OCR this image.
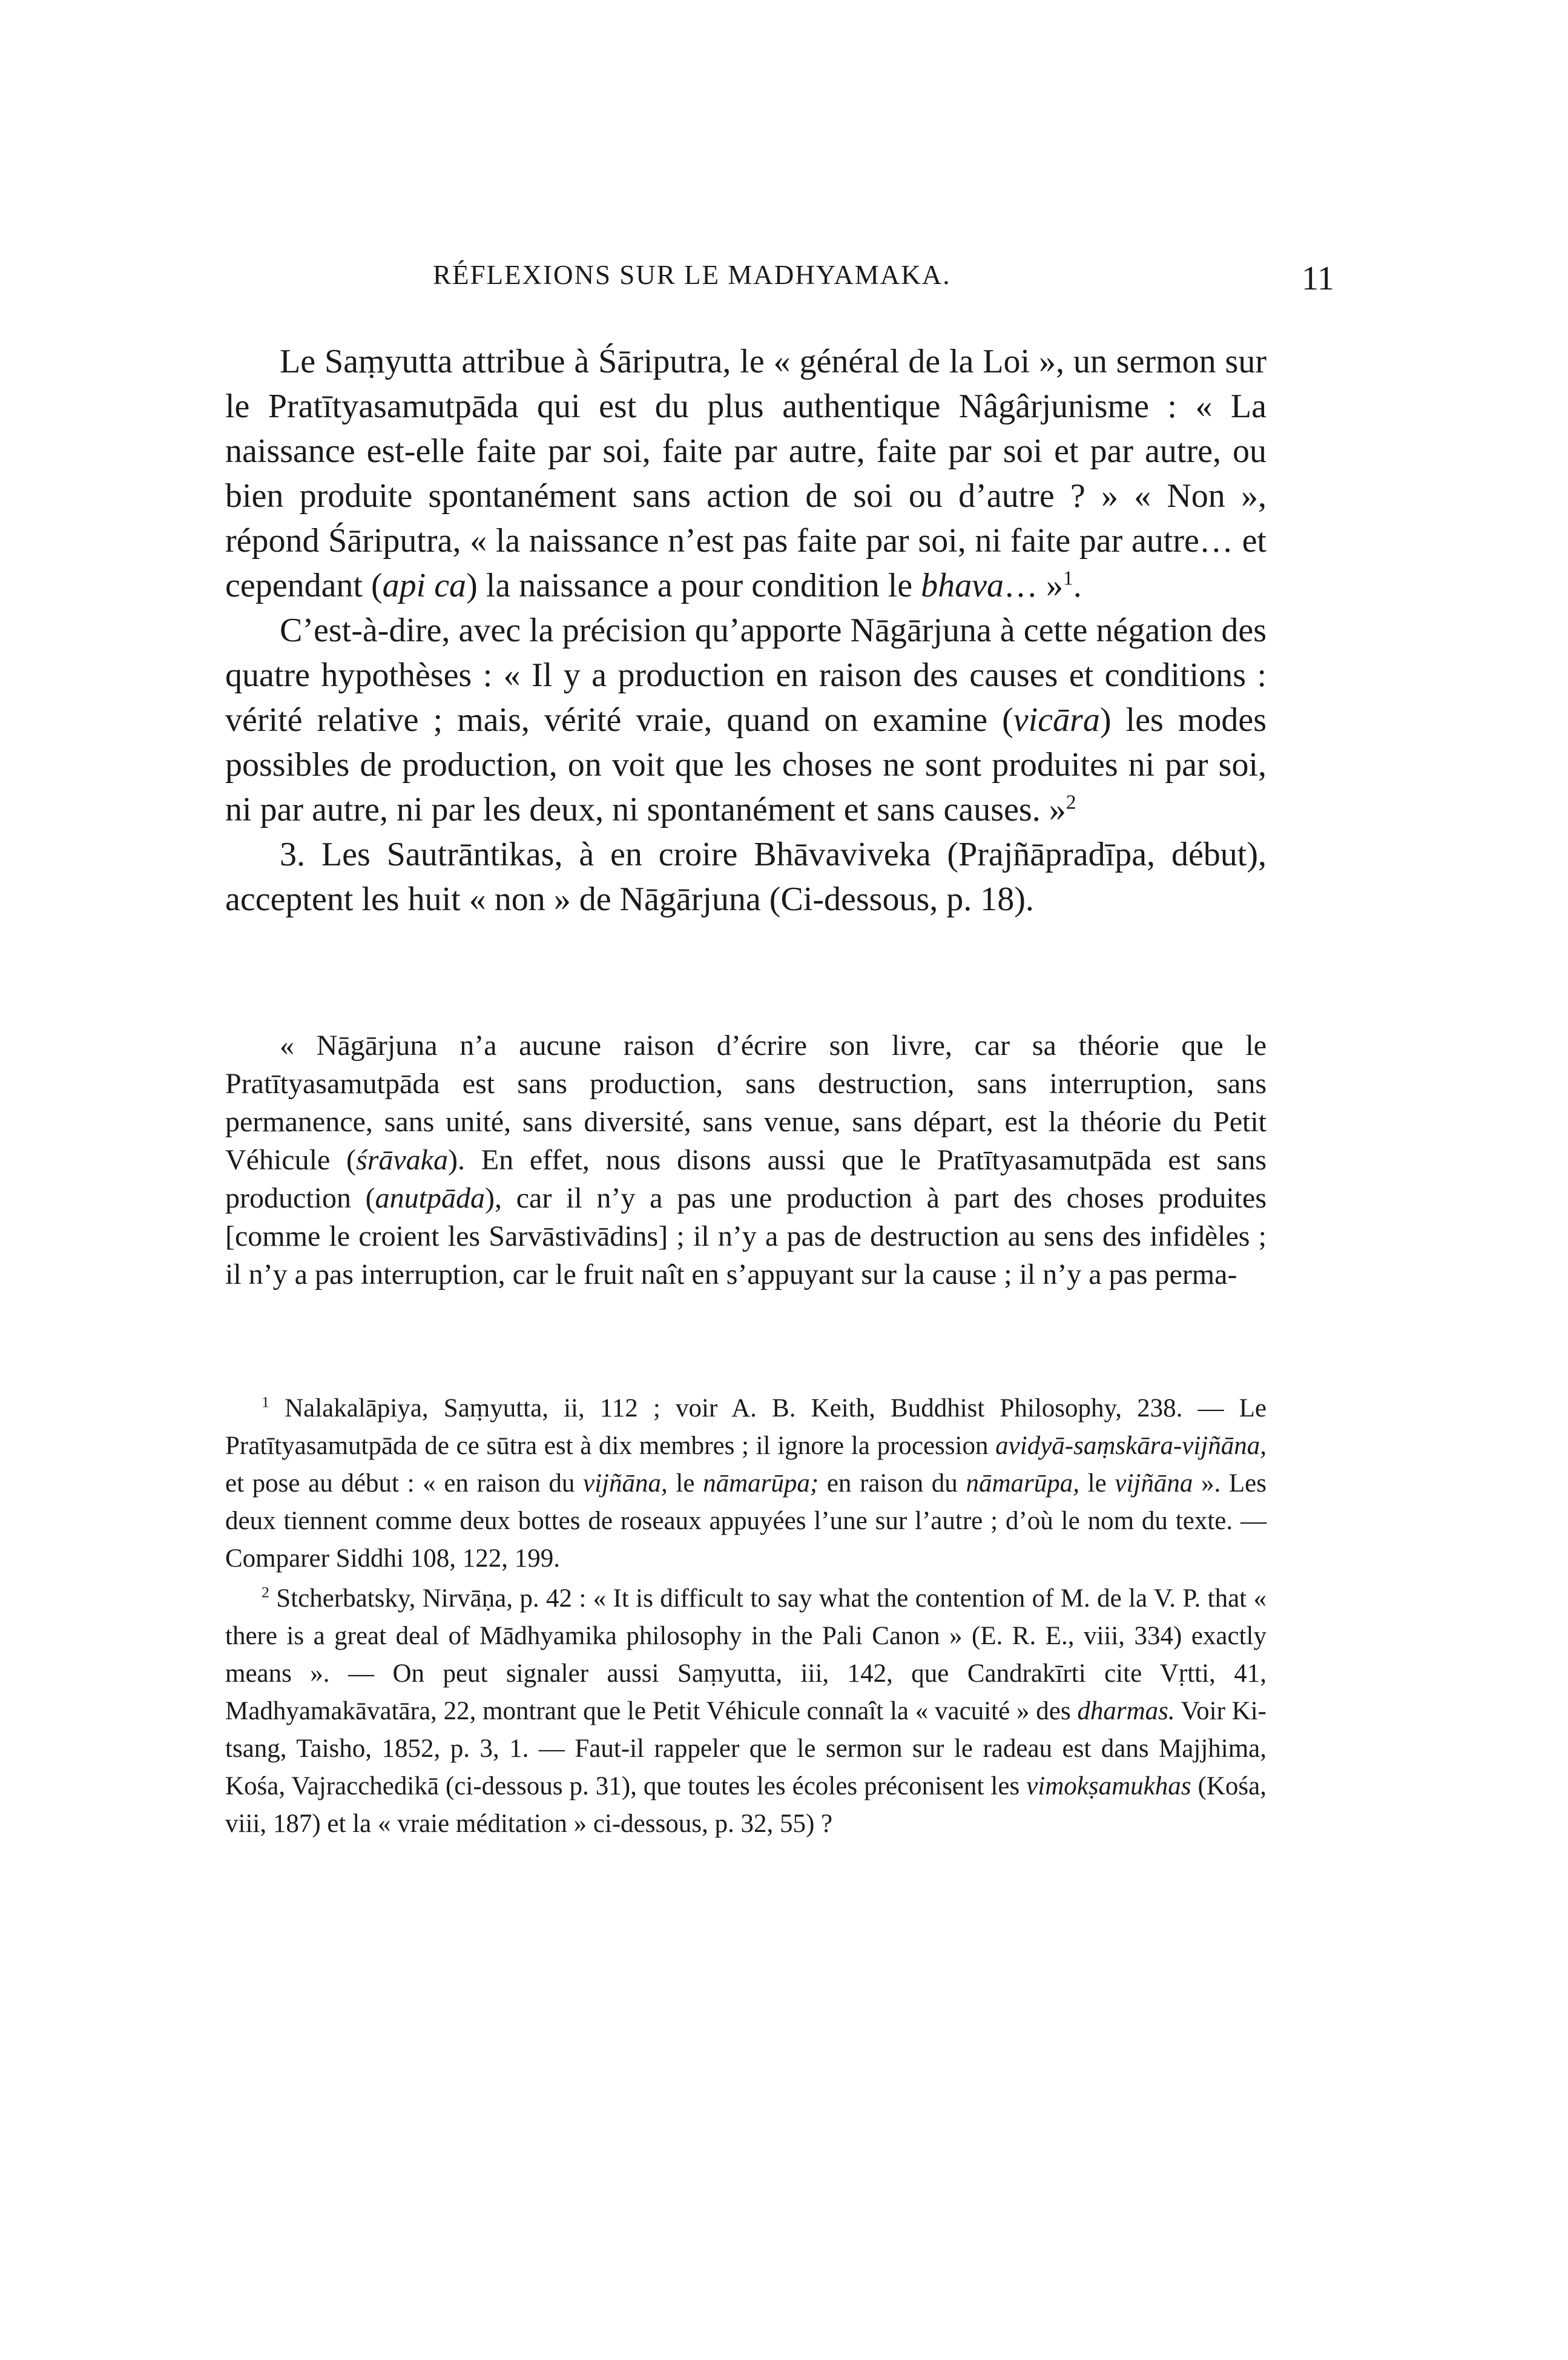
RÉFLEXIONS SUR LE MADHYAMAKA.	11

Le Saṃyutta attribue à Śāriputra, le « général de la Loi », un sermon sur le Pratītyasamutpāda qui est du plus authentique Nâgârjunisme : « La naissance est-elle faite par soi, faite par autre, faite par soi et par autre, ou bien produite spontanément sans action de soi ou d’autre ? » « Non », répond Śāriputra, « la naissance n’est pas faite par soi, ni faite par autre… et cependant (api ca) la naissance a pour condition le bhava… »$^1$.

C’est-à-dire, avec la précision qu’apporte Nāgārjuna à cette négation des quatre hypothèses : « Il y a production en raison des causes et conditions : vérité relative ; mais, vérité vraie, quand on examine (vicāra) les modes possibles de production, on voit que les choses ne sont produites ni par soi, ni par autre, ni par les deux, ni spontanément et sans causes. »$^2$

3. Les Sautrāntikas, à en croire Bhāvaviveka (Prajñāpradīpa, début), acceptent les huit « non » de Nāgārjuna (Ci-dessous, p. 18).

« Nāgārjuna n’a aucune raison d’écrire son livre, car sa théorie que le Pratītyasamutpāda est sans production, sans destruction, sans interruption, sans permanence, sans unité, sans diversité, sans venue, sans départ, est la théorie du Petit Véhicule (śrāvaka). En effet, nous disons aussi que le Pratītyasamutpāda est sans production (anutpāda), car il n’y a pas une production à part des choses produites [comme le croient les Sarvāstivādins] ; il n’y a pas de destruction au sens des infidèles ; il n’y a pas interruption, car le fruit naît en s’appuyant sur la cause ; il n’y a pas perma-

$^1$ Nalakalāpiya, Saṃyutta, ii, 112 ; voir A. B. Keith, Buddhist Philosophy, 238. — Le Pratītyasamutpāda de ce sūtra est à dix membres ; il ignore la procession avidyā-saṃskāra-vijñāna, et pose au début : « en raison du vijñāna, le nāmarūpa; en raison du nāmarūpa, le vijñāna ». Les deux tiennent comme deux bottes de roseaux appuyées l’une sur l’autre ; d’où le nom du texte. — Comparer Siddhi 108, 122, 199.

$^2$ Stcherbatsky, Nirvāṇa, p. 42 : « It is difficult to say what the contention of M. de la V. P. that « there is a great deal of Mādhyamika philosophy in the Pali Canon » (E. R. E., viii, 334) exactly means ». — On peut signaler aussi Saṃyutta, iii, 142, que Candrakīrti cite Vṛtti, 41, Madhyamakāvatāra, 22, montrant que le Petit Véhicule connaît la « vacuité » des dharmas. Voir Ki-tsang, Taisho, 1852, p. 3, 1. — Faut-il rappeler que le sermon sur le radeau est dans Majjhima, Kośa, Vajracchedikā (ci-dessous p. 31), que toutes les écoles préconisent les vimokṣamukhas (Kośa, viii, 187) et la « vraie méditation » ci-dessous, p. 32, 55) ?
